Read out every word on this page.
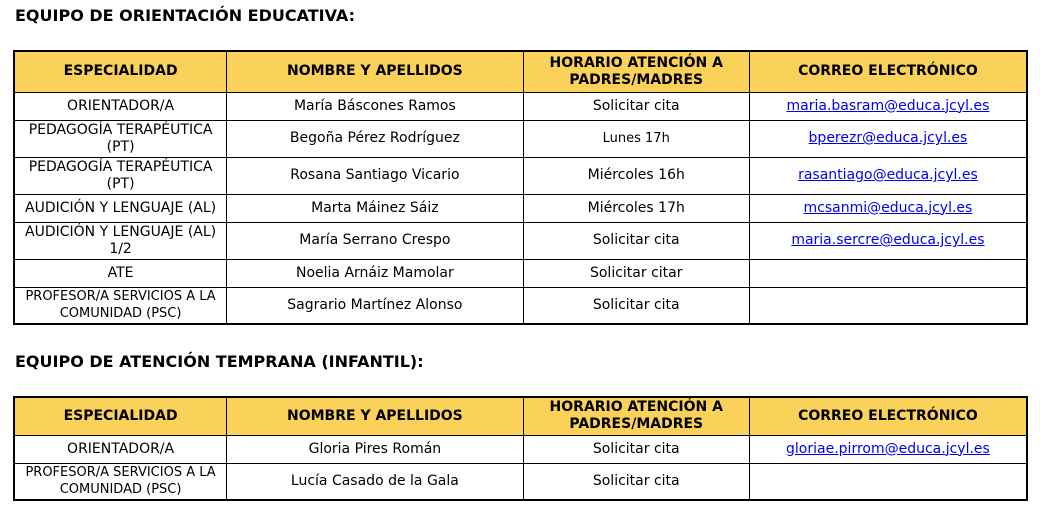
EQUIPO DE ORIENTACIÓN EDUCATIVA:
ESPECIALIDAD	NOMBRE Y APELLIDOS	HORARIO ATENCIÓN A PADRES/MADRES	CORREO ELECTRÓNICO
ORIENTADOR/A	María Báscones Ramos	Solicitar cita	maria.basram@educa.jcyl.es
PEDAGOGÍA TERAPÉUTICA (PT)	Begoña Pérez Rodríguez	Lunes 17h	bperezr@educa.jcyl.es
PEDAGOGÍA TERAPÉUTICA (PT)	Rosana Santiago Vicario	Miércoles 16h	rasantiago@educa.jcyl.es
AUDICIÓN Y LENGUAJE (AL)	Marta Máinez Sáiz	Miércoles 17h	mcsanmi@educa.jcyl.es
AUDICIÓN Y LENGUAJE (AL) 1/2	María Serrano Crespo	Solicitar cita	maria.sercre@educa.jcyl.es
ATE	Noelia Arnáiz Mamolar	Solicitar citar	
PROFESOR/A SERVICIOS A LA COMUNIDAD (PSC)	Sagrario Martínez Alonso	Solicitar cita	
EQUIPO DE ATENCIÓN TEMPRANA (INFANTIL):
ESPECIALIDAD	NOMBRE Y APELLIDOS	HORARIO ATENCIÓN A PADRES/MADRES	CORREO ELECTRÓNICO
ORIENTADOR/A	Gloria Pires Román	Solicitar cita	gloriae.pirrom@educa.jcyl.es
PROFESOR/A SERVICIOS A LA COMUNIDAD (PSC)	Lucía Casado de la Gala	Solicitar cita	
